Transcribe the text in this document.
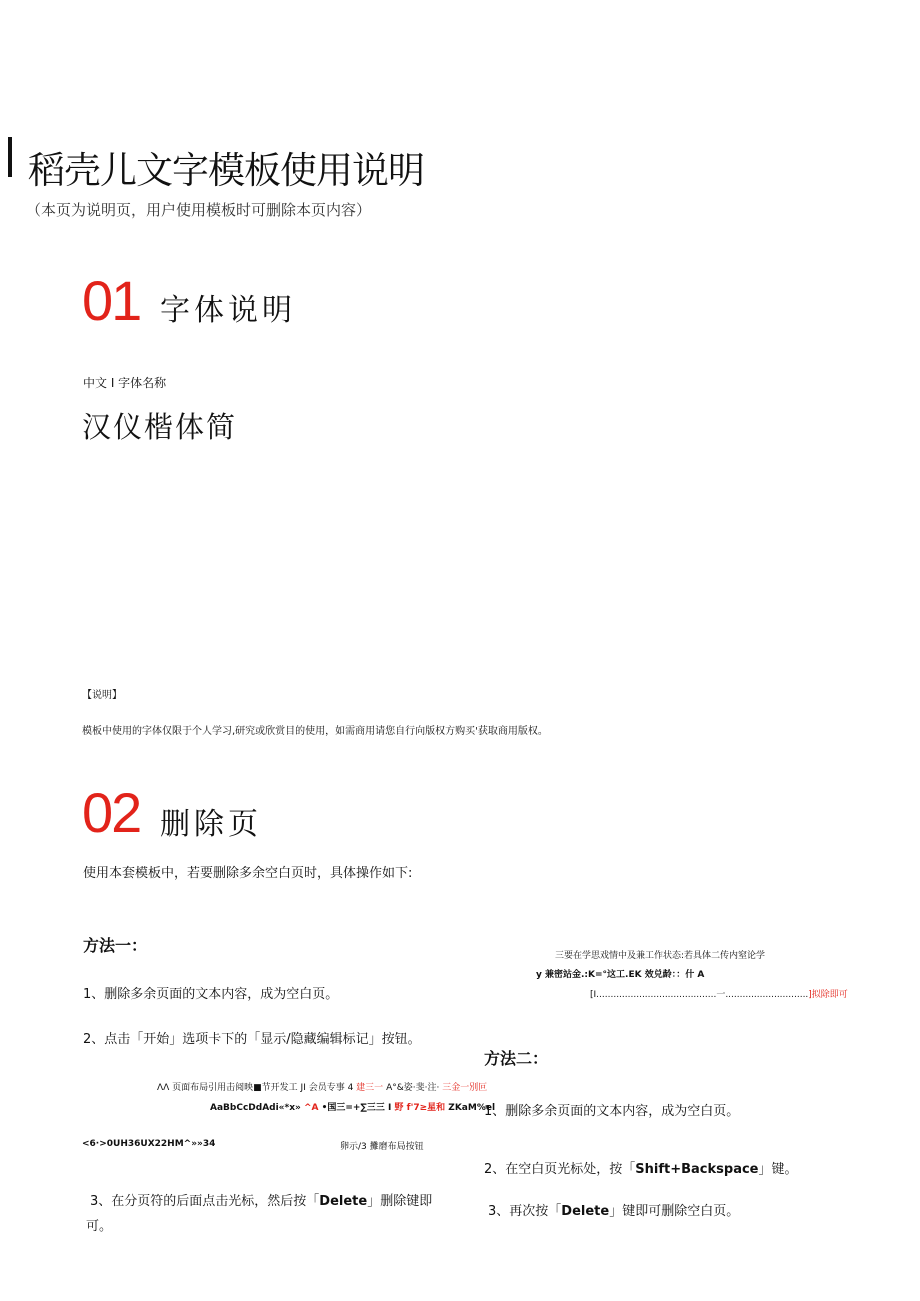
稻壳儿文字模板使用说明
（本页为说明页，用户使用模板时可删除本页内容）
01 字体说明
中文 I 字体名称
汉仪楷体简
【说明】
模板中使用的字体仅限于个人学习,研究或欣赏目的使用，如需商用请您自行向版权方购买'获取商用版权。
02 删除页
使用本套模板中，若要删除多余空白页时，具体操作如下:
方法一：
1、删除多余页面的文本内容，成为空白页。
2、点击「开始」选项卡下的「显示/隐藏编辑标记」按钮。
ΛΛ 页面布局引用击阅映■节开发工 JI 会员专事 4 建三一 A°&姿·斐·注· 三金一別叵
AaBbCcDdAdi«*x» ^A •国三=+∑三三 I 野 f'7≥星和 ZKaM%el
<6·>0UH36UX22HM^»»34	卵示/3 攤磨布局按钮
3、在分页符的后面点击光标，然后按「Delete」删除键即
可。
三要在学思戏情中及兼工作状态:若具体二传内窒论学
y 兼密站金.:K=°这工.EK 效兑龄：：什 A
[I..........................................一.............................]拟除即可
方法二：
1、删除多余页面的文本内容，成为空白页。
2、在空白页光标处，按「Shift+Backspace」键。
3、再次按「Delete」键即可删除空白页。
